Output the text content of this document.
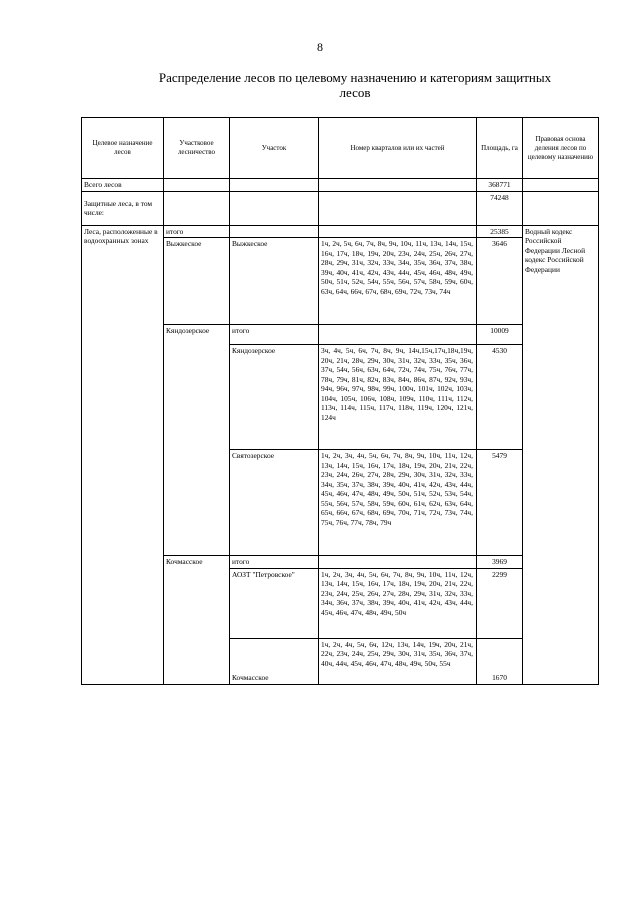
8
Распределение лесов по целевому назначению и категориям защитных
лесов
Целевое назначение лесов	Участковое лесничество	Участок	Номер кварталов или их частей	Площадь, га	Правовая основа деления лесов по целевому назначению
Всего лесов				368771	
Защитные леса, в том числе:				74248	
Леса, расположенные в водоохранных зонах	итого			25385	Водный кодекс Российской Федерации Лесной кодекс Российской Федерации
	Выжкеское	Выжкеское	1ч, 2ч, 5ч, 6ч, 7ч, 8ч, 9ч, 10ч, 11ч, 13ч, 14ч, 15ч, 16ч, 17ч, 18ч, 19ч, 20ч, 23ч, 24ч, 25ч, 26ч, 27ч, 28ч, 29ч, 31ч, 32ч, 33ч, 34ч, 35ч, 36ч, 37ч, 38ч, 39ч, 40ч, 41ч, 42ч, 43ч, 44ч, 45ч, 46ч, 48ч, 49ч, 50ч, 51ч, 52ч, 54ч, 55ч, 56ч, 57ч, 58ч, 59ч, 60ч, 63ч, 64ч, 66ч, 67ч, 68ч, 69ч, 72ч, 73ч, 74ч	3646	
	Кяндозерское	итого		10009	
		Кяндозерское	3ч, 4ч, 5ч, 6ч, 7ч, 8ч, 9ч, 14ч,15ч,17ч,18ч,19ч, 20ч, 21ч, 28ч, 29ч, 30ч, 31ч, 32ч, 33ч, 35ч, 36ч, 37ч, 54ч, 56ч, 63ч, 64ч, 72ч, 74ч, 75ч, 76ч, 77ч, 78ч, 79ч, 81ч, 82ч, 83ч, 84ч, 86ч, 87ч, 92ч, 93ч, 94ч, 96ч, 97ч, 98ч, 99ч, 100ч, 101ч, 102ч, 103ч, 104ч, 105ч, 106ч, 108ч, 109ч, 110ч, 111ч, 112ч, 113ч, 114ч, 115ч, 117ч, 118ч, 119ч, 120ч, 121ч, 124ч	4530	
		Святозерское	1ч, 2ч, 3ч, 4ч, 5ч, 6ч, 7ч, 8ч, 9ч, 10ч, 11ч, 12ч, 13ч, 14ч, 15ч, 16ч, 17ч, 18ч, 19ч, 20ч, 21ч, 22ч, 23ч, 24ч, 26ч, 27ч, 28ч, 29ч, 30ч, 31ч, 32ч, 33ч, 34ч, 35ч, 37ч, 38ч, 39ч, 40ч, 41ч, 42ч, 43ч, 44ч, 45ч, 46ч, 47ч, 48ч, 49ч, 50ч, 51ч, 52ч, 53ч, 54ч, 55ч, 56ч, 57ч, 58ч, 59ч, 60ч, 61ч, 62ч, 63ч, 64ч, 65ч, 66ч, 67ч, 68ч, 69ч, 70ч, 71ч, 72ч, 73ч, 74ч, 75ч, 76ч, 77ч, 78ч, 79ч	5479	
	Кочмасское	итого		3969	
		АОЗТ "Петровское"	1ч, 2ч, 3ч, 4ч, 5ч, 6ч, 7ч, 8ч, 9ч, 10ч, 11ч, 12ч, 13ч, 14ч, 15ч, 16ч, 17ч, 18ч, 19ч, 20ч, 21ч, 22ч, 23ч, 24ч, 25ч, 26ч, 27ч, 28ч, 29ч, 31ч, 32ч, 33ч, 34ч, 36ч, 37ч, 38ч, 39ч, 40ч, 41ч, 42ч, 43ч, 44ч, 45ч, 46ч, 47ч, 48ч, 49ч, 50ч	2299	
		Кочмасское	1ч, 2ч, 4ч, 5ч, 6ч, 12ч, 13ч, 14ч, 19ч, 20ч, 21ч, 22ч, 23ч, 24ч, 25ч, 29ч, 30ч, 31ч, 35ч, 36ч, 37ч, 40ч, 44ч, 45ч, 46ч, 47ч, 48ч, 49ч, 50ч, 55ч	1670	
